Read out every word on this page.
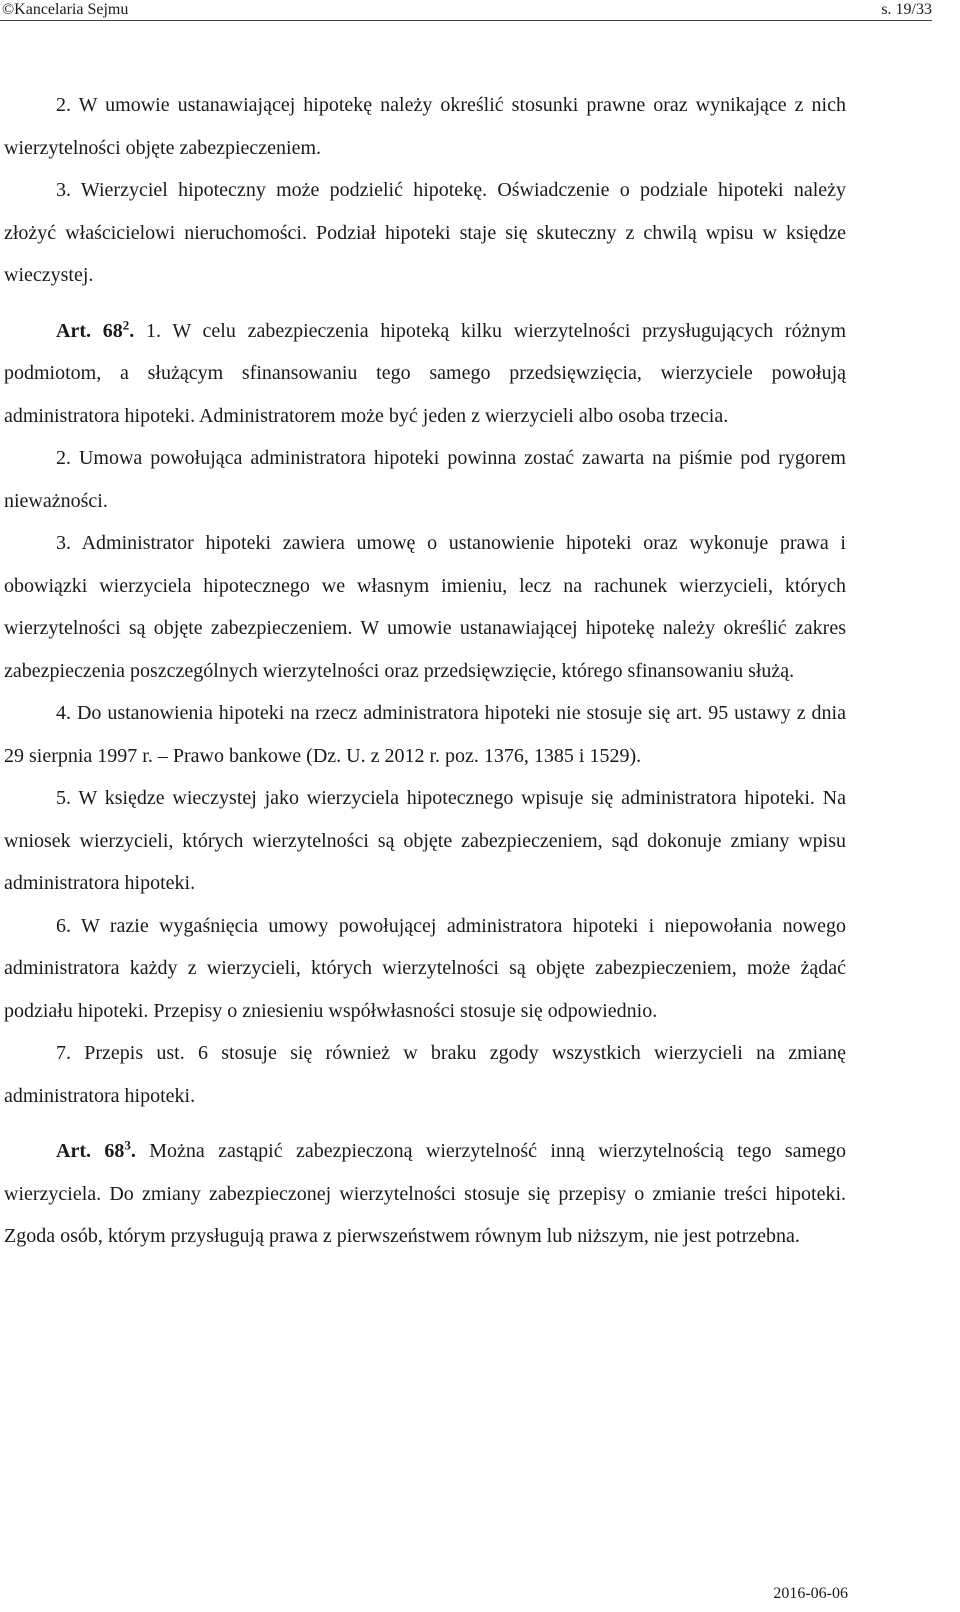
©Kancelaria Sejmu	s. 19/33

2. W umowie ustanawiającej hipotekę należy określić stosunki prawne oraz wynikające z nich wierzytelności objęte zabezpieczeniem.

3. Wierzyciel hipoteczny może podzielić hipotekę. Oświadczenie o podziale hipoteki należy złożyć właścicielowi nieruchomości. Podział hipoteki staje się skuteczny z chwilą wpisu w księdze wieczystej.

Art. $68^2$. 1. W celu zabezpieczenia hipoteką kilku wierzytelności przysługujących różnym podmiotom, a służącym sfinansowaniu tego samego przedsięwzięcia, wierzyciele powołują administratora hipoteki. Administratorem może być jeden z wierzycieli albo osoba trzecia.

2. Umowa powołująca administratora hipoteki powinna zostać zawarta na piśmie pod rygorem nieważności.

3. Administrator hipoteki zawiera umowę o ustanowienie hipoteki oraz wykonuje prawa i obowiązki wierzyciela hipotecznego we własnym imieniu, lecz na rachunek wierzycieli, których wierzytelności są objęte zabezpieczeniem. W umowie ustanawiającej hipotekę należy określić zakres zabezpieczenia poszczególnych wierzytelności oraz przedsięwzięcie, którego sfinansowaniu służą.

4. Do ustanowienia hipoteki na rzecz administratora hipoteki nie stosuje się art. 95 ustawy z dnia 29 sierpnia 1997 r. – Prawo bankowe (Dz. U. z 2012 r. poz. 1376, 1385 i 1529).

5. W księdze wieczystej jako wierzyciela hipotecznego wpisuje się administratora hipoteki. Na wniosek wierzycieli, których wierzytelności są objęte zabezpieczeniem, sąd dokonuje zmiany wpisu administratora hipoteki.

6. W razie wygaśnięcia umowy powołującej administratora hipoteki i niepowołania nowego administratora każdy z wierzycieli, których wierzytelności są objęte zabezpieczeniem, może żądać podziału hipoteki. Przepisy o zniesieniu współwłasności stosuje się odpowiednio.

7. Przepis ust. 6 stosuje się również w braku zgody wszystkich wierzycieli na zmianę administratora hipoteki.

Art. $68^3$. Można zastąpić zabezpieczoną wierzytelność inną wierzytelnością tego samego wierzyciela. Do zmiany zabezpieczonej wierzytelności stosuje się przepisy o zmianie treści hipoteki. Zgoda osób, którym przysługują prawa z pierwszeństwem równym lub niższym, nie jest potrzebna.

2016-06-06
